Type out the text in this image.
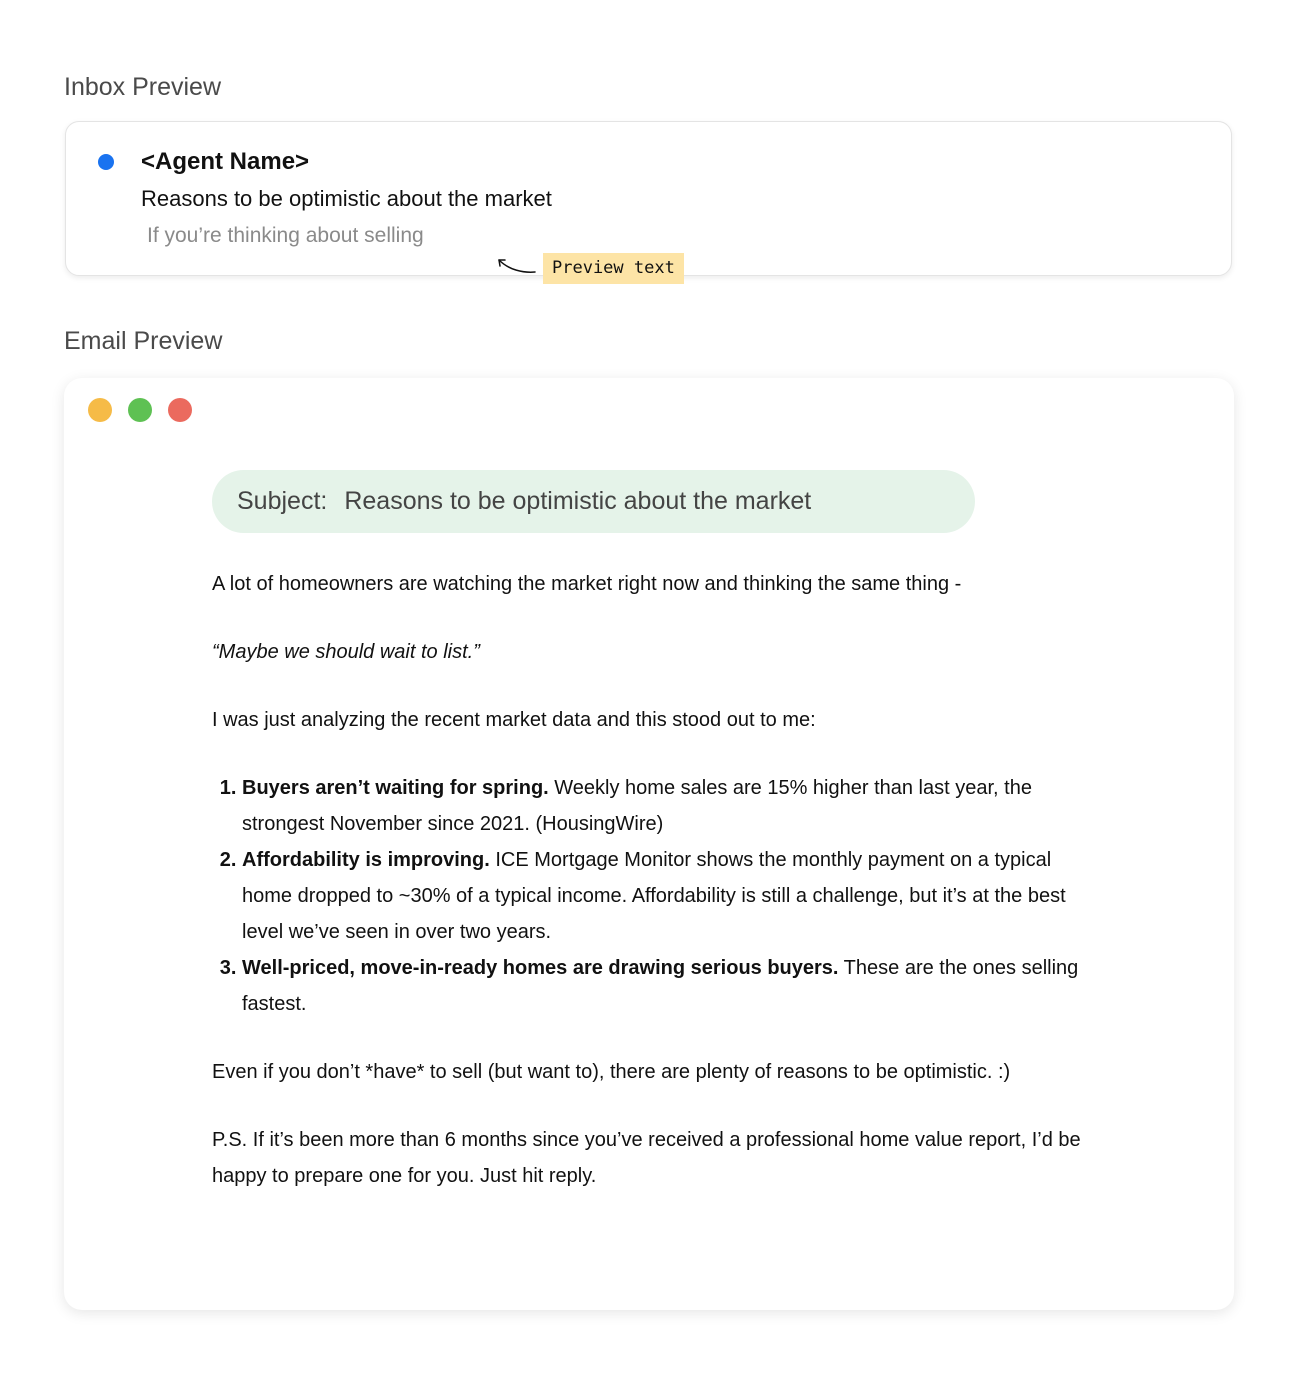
Inbox Preview
<Agent Name>
Reasons to be optimistic about the market
If you’re thinking about selling
Preview text
Email Preview
Subject: Reasons to be optimistic about the market

A lot of homeowners are watching the market right now and thinking the same thing -

“Maybe we should wait to list.”

I was just analyzing the recent market data and this stood out to me:

1. Buyers aren’t waiting for spring. Weekly home sales are 15% higher than last year, the strongest November since 2021. (HousingWire)
2. Affordability is improving. ICE Mortgage Monitor shows the monthly payment on a typical home dropped to ~30% of a typical income. Affordability is still a challenge, but it’s at the best level we’ve seen in over two years.
3. Well-priced, move-in-ready homes are drawing serious buyers. These are the ones selling fastest.

Even if you don’t *have* to sell (but want to), there are plenty of reasons to be optimistic. :)

P.S. If it’s been more than 6 months since you’ve received a professional home value report, I’d be happy to prepare one for you. Just hit reply.
